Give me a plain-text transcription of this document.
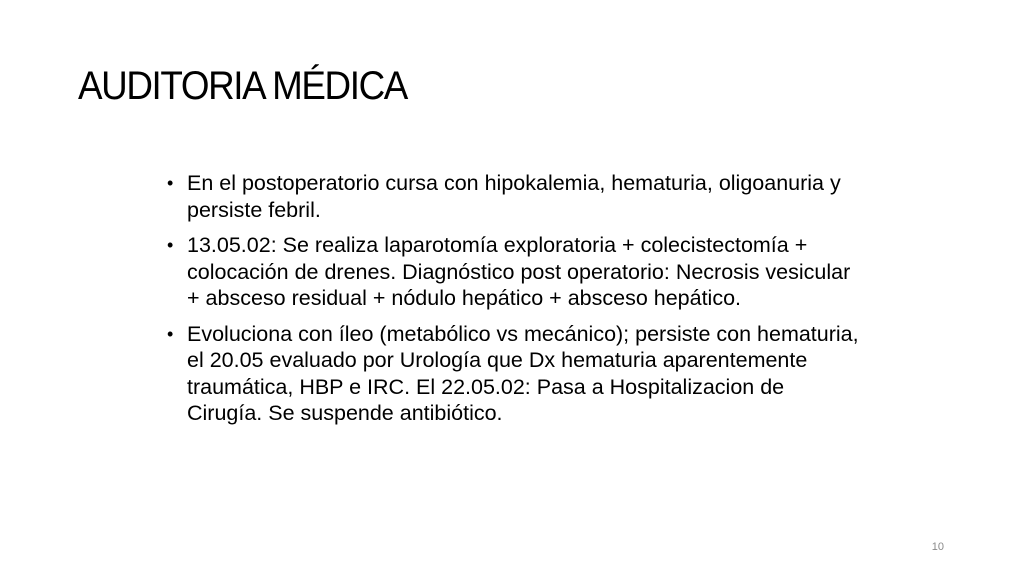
AUDITORIA MÉDICA
• En el postoperatorio cursa con hipokalemia, hematuria, oligoanuria y persiste febril.
• 13.05.02: Se realiza laparotomía exploratoria + colecistectomía + colocación de drenes. Diagnóstico post operatorio: Necrosis vesicular + absceso residual + nódulo hepático + absceso hepático.
• Evoluciona con íleo (metabólico vs mecánico); persiste con hematuria, el 20.05 evaluado por Urología que Dx hematuria aparentemente traumática, HBP e IRC. El 22.05.02: Pasa a Hospitalizacion de Cirugía. Se suspende antibiótico.
10
